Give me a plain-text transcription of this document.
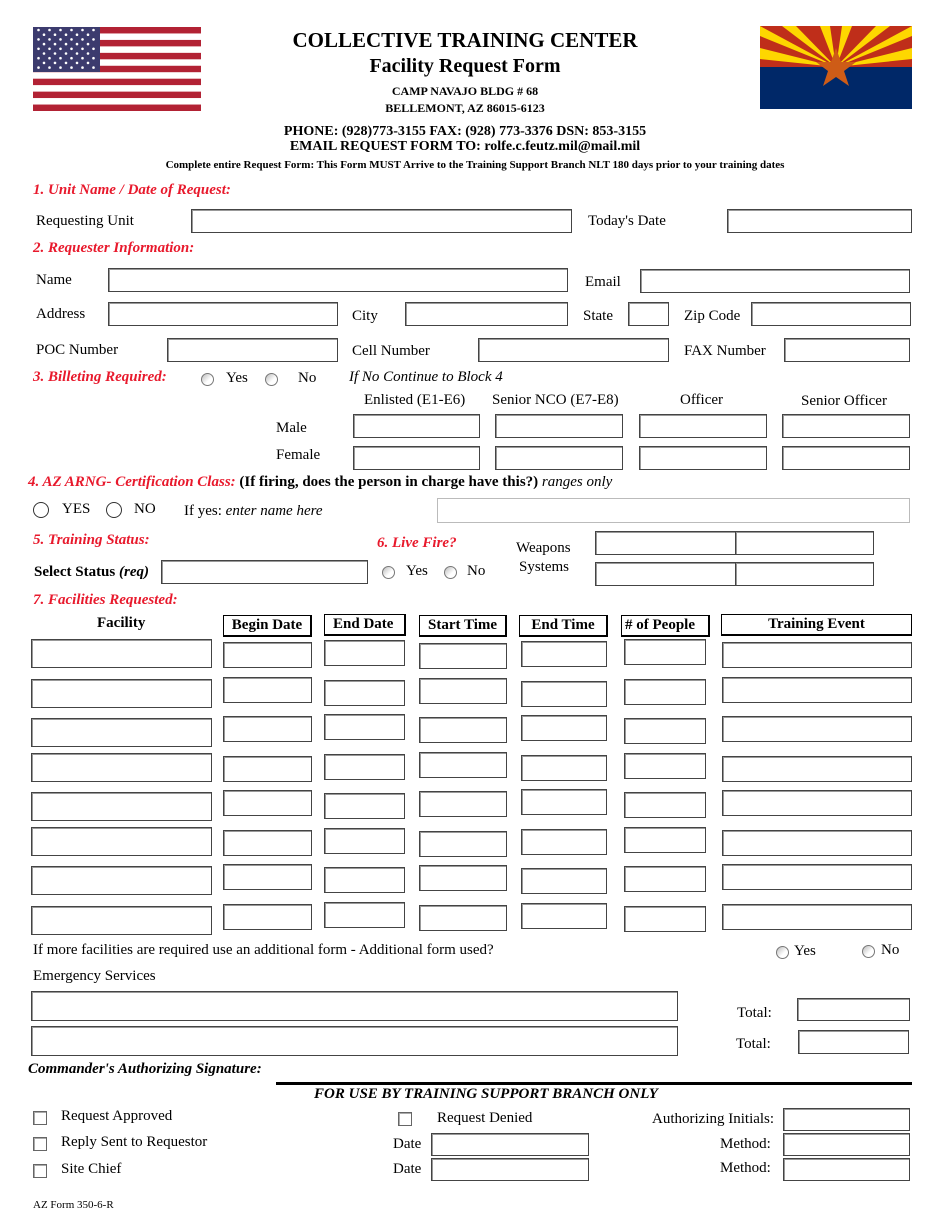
COLLECTIVE TRAINING CENTER
Facility Request Form
CAMP NAVAJO BLDG # 68
BELLEMONT, AZ 86015-6123
PHONE: (928)773-3155 FAX: (928) 773-3376 DSN: 853-3155
EMAIL REQUEST FORM TO: rolfe.c.feutz.mil@mail.mil
Complete entire Request Form: This Form MUST Arrive to the Training Support Branch NLT 180 days prior to your training dates
1. Unit Name / Date of Request:
Requesting Unit	Today's Date
2. Requester Information:
Name	Email
Address	City	State	Zip Code
POC Number	Cell Number	FAX Number
3. Billeting Required:	Yes	No If No Continue to Block 4
Enlisted (E1-E6) Senior NCO (E7-E8)	Officer	Senior Officer
Male
Female
4. AZ ARNG- Certification Class: (If firing, does the person in charge have this?) ranges only
YES	NO If yes: enter name here
5. Training Status:
Select Status (req)
6. Live Fire?
Yes	No
Weapons
Systems
7. Facilities Requested:
Facility	Begin Date	End Date	Start Time	End Time	# of People	Training Event
If more facilities are required use an additional form - Additional form used?	Yes	No
Emergency Services
Total:
Total:
Commander's Authorizing Signature:
FOR USE BY TRAINING SUPPORT BRANCH ONLY
Request Approved	Request Denied	Authorizing Initials:
Reply Sent to Requestor	Date	Method:
Site Chief	Date	Method:
AZ Form 350-6-R
